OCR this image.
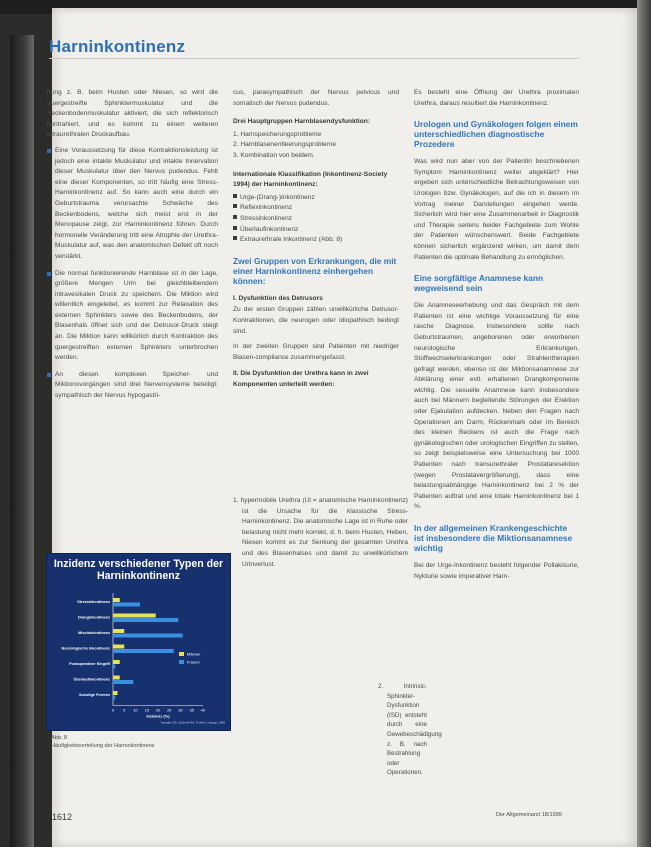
Harninkontinenz

hung z. B. beim Husten oder Niesen, so wird die quergestreifte Sphinktermuskulatur und die Beckenbodenmuskulatur aktiviert, die sich reflektorisch kontrahiert, und es kommt zu einem weiteren intraurethralen Druckaufbau.

Eine Voraussetzung für diese Kontraktionsleistung ist jedoch eine intakte Muskulatur und intakte Innervation dieser Muskulatur über den Nervus pudendus. Fehlt eine dieser Komponenten, so tritt häufig eine Stress-Harninkontinenz auf. So kann auch eine durch ein Geburtstrauma verursachte Schwäche des Beckenbodens, welche sich meist erst in der Menopause zeigt, zur Harninkontinenz führen. Durch hormonelle Veränderung tritt eine Atrophie der Urethra-Muskulatur auf, was den anatomischen Defekt oft noch verstärkt.
Die normal funktionierende Harnblase ist in der Lage, größere Mengen Urin bei gleichbleibendem intravesikalen Druck zu speichern. Die Miktion wird willentlich eingeleitet, es kommt zur Relaxation des externen Sphinkters sowie des Beckenbodens, der Blasenhals öffnet sich und der Detrusor-Druck steigt an. Die Miktion kann willkürlich durch Kontraktion des quergestreiften externen Sphinkters unterbrochen werden.
An diesen komplexen Speicher- und Miktionsvorgängen sind drei Nervensysteme beteiligt: sympathisch der Nervus hypogastri-
Stressinkontinenz
Dranginkontinenz
Mischinkontinenz
Neurologische Inkontinenz
Postoperativer Eingriff
Überlaufinkontinenz
Sonstige Formen
0 5 10 15 20 25 30 35 40
Inzidenz (%)
Tanagho EA, Schmidt RA, Smith's Urology, 1995
Männer
Frauen
Inzidenz verschiedener Typen der Harninkontinenz
Abb. 8
Häufigkeitsverteilung der Harninkontinenz

cus, parasympathisch der Nervus pelvicus und somatisch der Nervus pudendus.

Drei Hauptgruppen Harnblasendysfunktion:
1. Harnspeicherungsprobleme
2. Harnblasenentleerungsprobleme
3. Kombination von beidem.
Internationale Klassifikation (Inkontinenz-Society 1994) der Harninkontinenz:
Urge-(Drang-)Inkontinenz
Reflexinkontinenz
Stressinkontinenz
Überlaufinkontinenz
Extraurethrale Inkontinenz (Abb. 8)
Zwei Gruppen von Erkrankungen, die mit einer Harninkontinenz einhergehen können:
I. Dysfunktion des Detrusors

Zu der ersten Gruppen zählen unwillkürliche Detrusor-Kontraktionen, die neurogen oder idiopathisch bedingt sind.

In der zweiten Gruppen sind Patienten mit niedriger Blasen-compliance zusammengefasst.

II. Die Dysfunktion der Urethra kann in zwei Komponenten unterteilt werden:

1. hypermobile Urethra (Ul = anatomische Harninkontinenz) ist die Ursache für die klassische Stress-Harninkontinenz. Die anatomische Lage ist in Ruhe oder belastung nicht mehr korrekt, d. h. beim Husten, Heben, Niesen kommt es zur Senkung der gesamten Urethra und des Blasenhalses und damit zu unwillkürlichem Urinverlust.

2. Intrinsic-Sphinkter-Dysfunktion (ISD) entsteht durch eine Gewebeschädigung z. B. nach Bestrahlung oder Operationen.

Es besteht eine Öffnung der Urethra proximalen Urethra, daraus resultiert die Harninkontinenz.

Urologen und Gynäkologen folgen einem unterschiedlichen diagnostische Prozedere

Was wird nun aber von der Patientin beschriebenen Symptom Harninkontinenz weiter abgeklärt? Hier ergeben sich unterschiedliche Betrachtungsweisen von Urologen bzw. Gynäkologen, auf die ich in diesem im Vortrag meiner Darstellungen eingehen werde. Sicherlich wird hier eine Zusammenarbeit in Diagnostik und Therapie seitens beider Fachgebiete zum Wohle der Patienten wünschenswert. Beide Fachgebiete können sicherlich ergänzend wirken, um damit dem Patienten die optimale Behandlung zu ermöglichen.

Eine sorgfältige Anamnese kann wegweisend sein

Die Anamneseerhebung und das Gespräch mit dem Patienten ist eine wichtige Voraussetzung für eine rasche Diagnose. Insbesondere sollte nach Geburtstraumen, angeborenen oder erworbenen neurologische Erkrankungen, Stoffwechselerkrankungen oder Strahlentherapien gefragt werden, ebenso ist der Miktionsanamnese zur Abklärung einer evtl. erhaltenen Drangkomponente wichtig. Die sexuelle Anamnese kann insbesondere auch bei Männern begleitende Störungen der Erektion oder Ejakulation aufdecken. Neben den Fragen nach Operationen am Darm, Rückenmark oder im Bereich des kleinen Beckens ist auch die Frage nach gynäkologischen oder urologischen Eingriffen zu stellen, so zeigt beispielsweise eine Untersuchung bei 1000 Patienten nach transurethraler Prostataresektion (wegen Prostatavergrößerung), dass eine belastungsabhängige Harninkontinenz bei 2 % der Patienten auftrat und eine totale Harninkontinenz bei 1 %.

In der allgemeinen Krankengeschichte ist insbesondere die Miktionsanamnese wichtig

Bei der Urge-Inkontinenz besteht folgender Pollakisurie, Nykturie sowie imperativer Harn-

1612	Der Allgemeinarzt 18/1999
